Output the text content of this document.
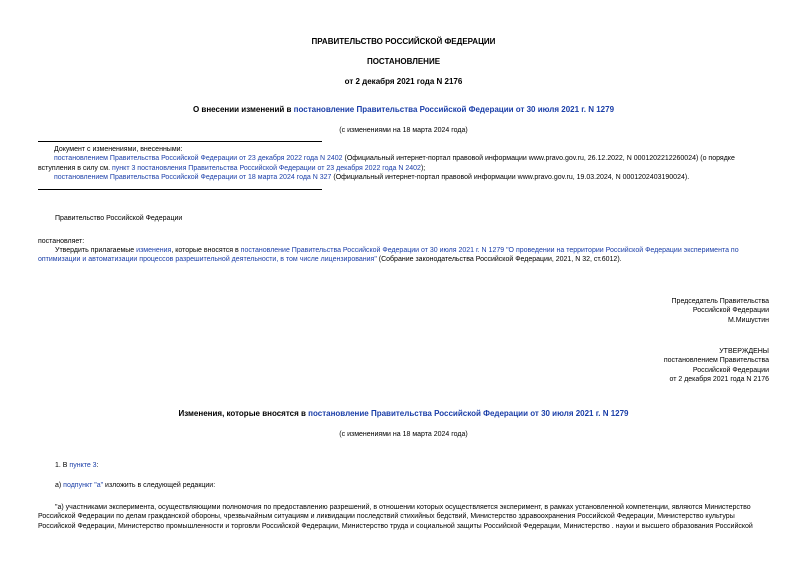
ПРАВИТЕЛЬСТВО РОССИЙСКОЙ ФЕДЕРАЦИИ
ПОСТАНОВЛЕНИЕ
от 2 декабря 2021 года N 2176
О внесении изменений в постановление Правительства Российской Федерации от 30 июля 2021 г. N 1279
(с изменениями на 18 марта 2024 года)

Документ с изменениями, внесенными:

постановлением Правительства Российской Федерации от 23 декабря 2022 года N 2402 (Официальный интернет-портал правовой информации www.pravo.gov.ru, 26.12.2022, N 0001202212260024) (о порядке вступления в силу см. пункт 3 постановления Правительства Российской Федерации от 23 декабря 2022 года N 2402);

постановлением Правительства Российской Федерации от 18 марта 2024 года N 327 (Официальный интернет-портал правовой информации www.pravo.gov.ru, 19.03.2024, N 0001202403190024).

Правительство Российской Федерации
постановляет:
Утвердить прилагаемые изменения, которые вносятся в постановление Правительства Российской Федерации от 30 июля 2021 г. N 1279 "О проведении на территории Российской Федерации эксперимента по оптимизации и автоматизации процессов разрешительной деятельности, в том числе лицензирования" (Собрание законодательства Российской Федерации, 2021, N 32, ст.6012).

Председатель Правительства

Российской Федерации

М.Мишустин

УТВЕРЖДЕНЫ

постановлением Правительства

Российской Федерации

от 2 декабря 2021 года N 2176

Изменения, которые вносятся в постановление Правительства Российской Федерации от 30 июля 2021 г. N 1279
(с изменениями на 18 марта 2024 года)
1. В пункте 3:
а) подпункт "а" изложить в следующей редакции:
"а) участниками эксперимента, осуществляющими полномочия по предоставлению разрешений, в отношении которых осуществляется эксперимент, в рамках установленной компетенции, являются Министерство Российской Федерации по делам гражданской обороны, чрезвычайным ситуациям и ликвидации последствий стихийных бедствий, Министерство здравоохранения Российской Федерации, Министерство культуры Российской Федерации, Министерство промышленности и торговли Российской Федерации, Министерство труда и социальной защиты Российской Федерации, Министерство . науки и высшего образования Российской
